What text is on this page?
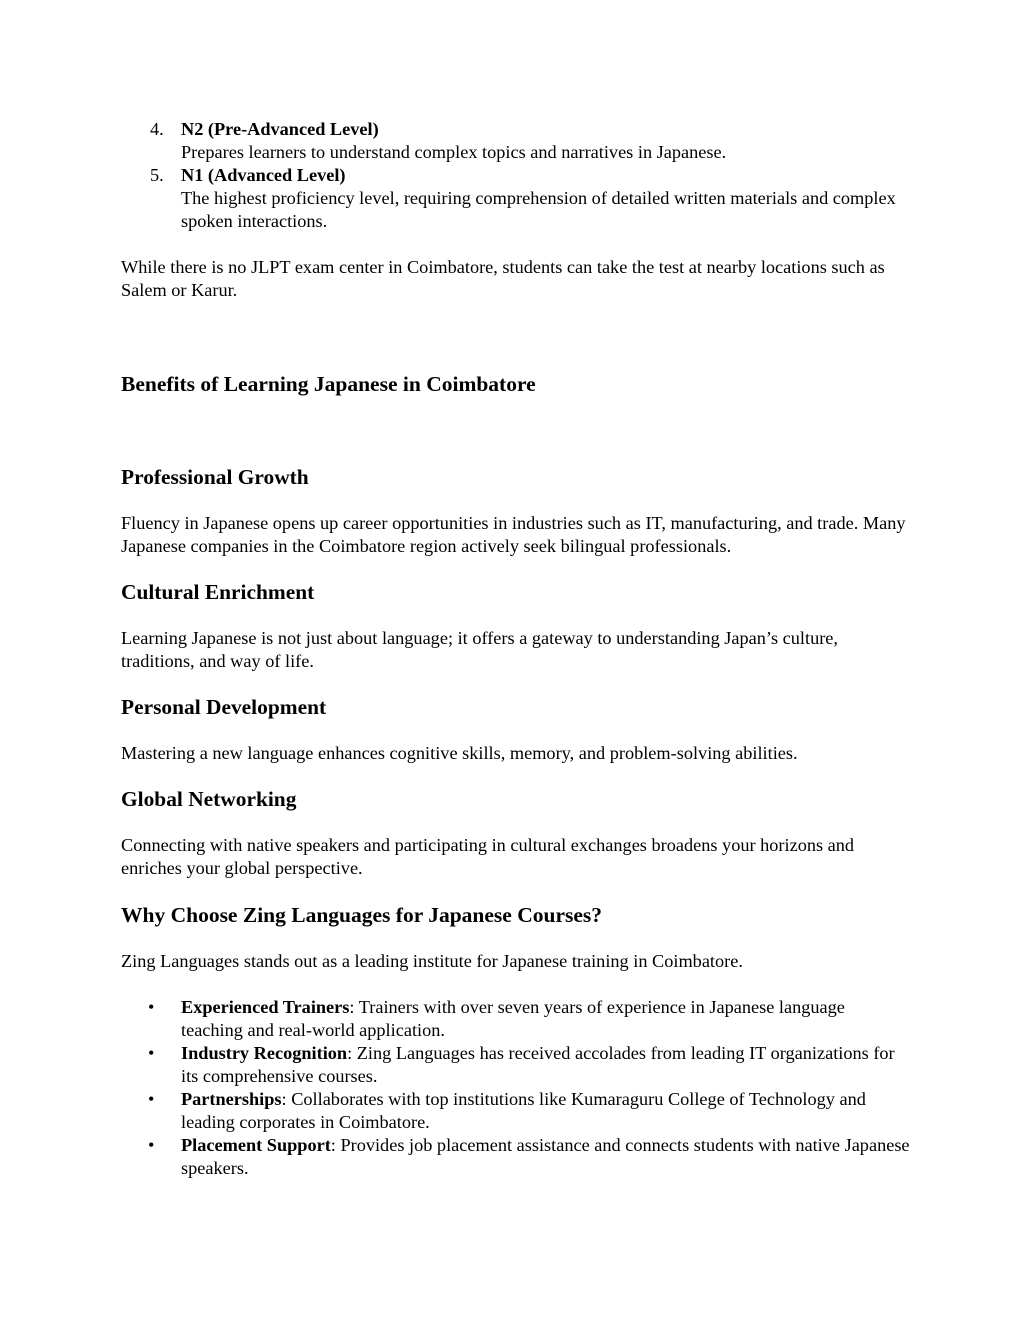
4. N2 (Pre-Advanced Level)
Prepares learners to understand complex topics and narratives in Japanese.
5. N1 (Advanced Level)
The highest proficiency level, requiring comprehension of detailed written materials and complex spoken interactions.

While there is no JLPT exam center in Coimbatore, students can take the test at nearby locations such as Salem or Karur.

Benefits of Learning Japanese in Coimbatore
Professional Growth

Fluency in Japanese opens up career opportunities in industries such as IT, manufacturing, and trade. Many Japanese companies in the Coimbatore region actively seek bilingual professionals.

Cultural Enrichment

Learning Japanese is not just about language; it offers a gateway to understanding Japan’s culture, traditions, and way of life.

Personal Development

Mastering a new language enhances cognitive skills, memory, and problem-solving abilities.

Global Networking

Connecting with native speakers and participating in cultural exchanges broadens your horizons and enriches your global perspective.

Why Choose Zing Languages for Japanese Courses?

Zing Languages stands out as a leading institute for Japanese training in Coimbatore.

• Experienced Trainers: Trainers with over seven years of experience in Japanese language teaching and real-world application.
• Industry Recognition: Zing Languages has received accolades from leading IT organizations for its comprehensive courses.
• Partnerships: Collaborates with top institutions like Kumaraguru College of Technology and leading corporates in Coimbatore.
• Placement Support: Provides job placement assistance and connects students with native Japanese speakers.
